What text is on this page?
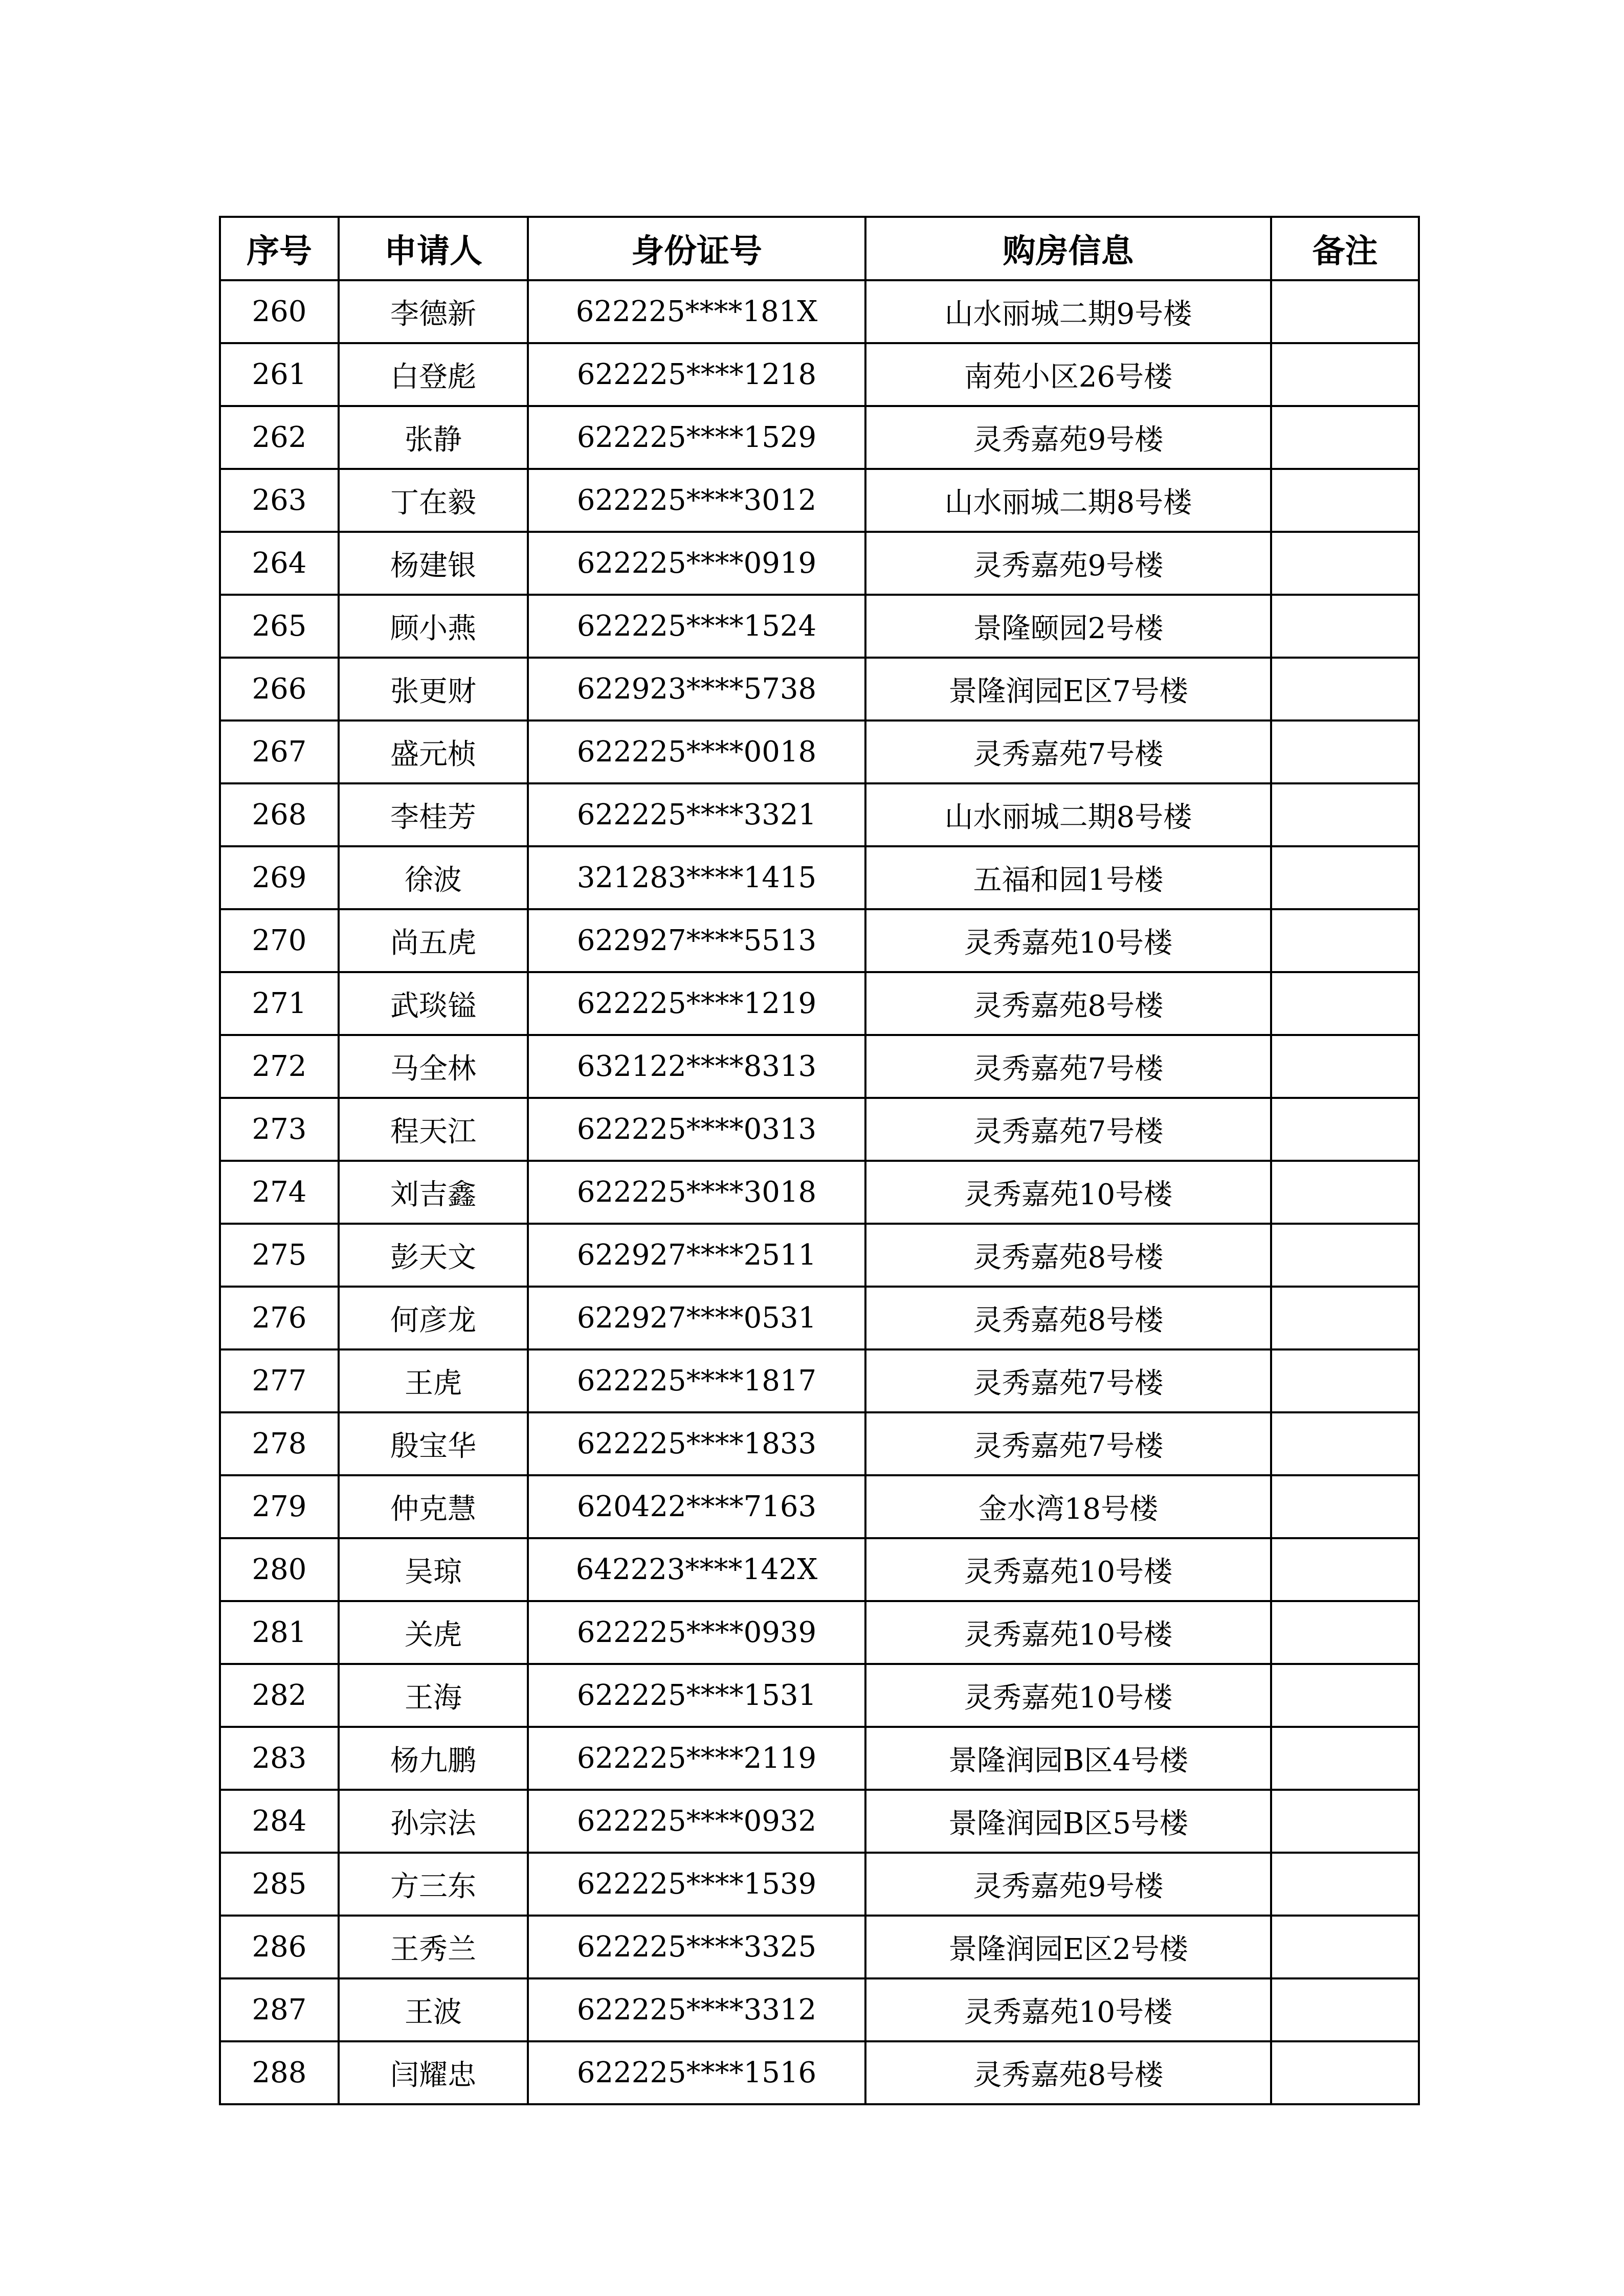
序号	申请人	身份证号	购房信息	备注
260	李德新	622225****181X	山水丽城二期9号楼	
261	白登彪	622225****1218	南苑小区26号楼	
262	张静	622225****1529	灵秀嘉苑9号楼	
263	丁在毅	622225****3012	山水丽城二期8号楼	
264	杨建银	622225****0919	灵秀嘉苑9号楼	
265	顾小燕	622225****1524	景隆颐园2号楼	
266	张更财	622923****5738	景隆润园E区7号楼	
267	盛元桢	622225****0018	灵秀嘉苑7号楼	
268	李桂芳	622225****3321	山水丽城二期8号楼	
269	徐波	321283****1415	五福和园1号楼	
270	尚五虎	622927****5513	灵秀嘉苑10号楼	
271	武琰镒	622225****1219	灵秀嘉苑8号楼	
272	马全林	632122****8313	灵秀嘉苑7号楼	
273	程天江	622225****0313	灵秀嘉苑7号楼	
274	刘吉鑫	622225****3018	灵秀嘉苑10号楼	
275	彭天文	622927****2511	灵秀嘉苑8号楼	
276	何彦龙	622927****0531	灵秀嘉苑8号楼	
277	王虎	622225****1817	灵秀嘉苑7号楼	
278	殷宝华	622225****1833	灵秀嘉苑7号楼	
279	仲克慧	620422****7163	金水湾18号楼	
280	吴琼	642223****142X	灵秀嘉苑10号楼	
281	关虎	622225****0939	灵秀嘉苑10号楼	
282	王海	622225****1531	灵秀嘉苑10号楼	
283	杨九鹏	622225****2119	景隆润园B区4号楼	
284	孙宗法	622225****0932	景隆润园B区5号楼	
285	方三东	622225****1539	灵秀嘉苑9号楼	
286	王秀兰	622225****3325	景隆润园E区2号楼	
287	王波	622225****3312	灵秀嘉苑10号楼	
288	闫耀忠	622225****1516	灵秀嘉苑8号楼	
